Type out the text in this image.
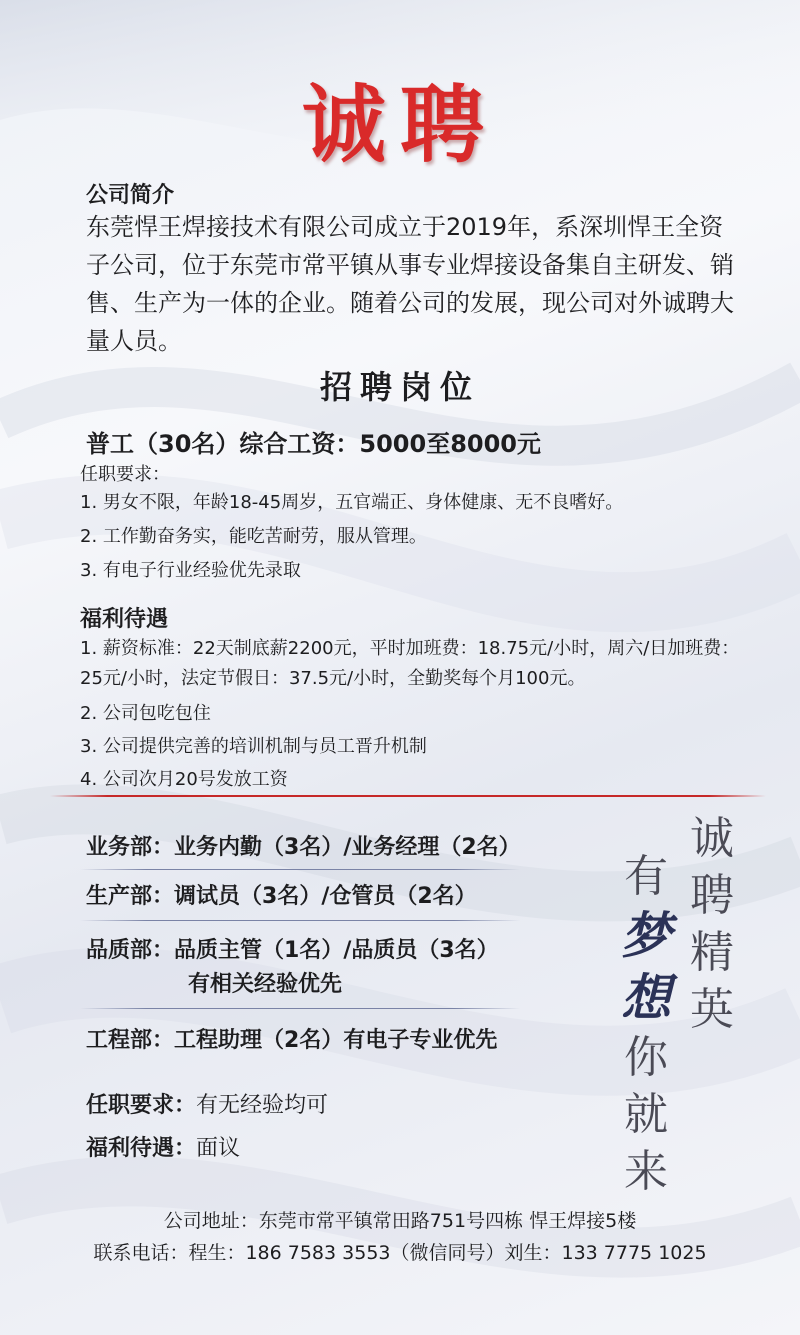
诚聘
公司简介
东莞悍王焊接技术有限公司成立于2019年，系深圳悍王全资子公司，位于东莞市常平镇从事专业焊接设备集自主研发、销售、生产为一体的企业。随着公司的发展，现公司对外诚聘大量人员。
招聘岗位
普工（30名）综合工资：5000至8000元
任职要求：
1. 男女不限，年龄18-45周岁，五官端正、身体健康、无不良嗜好。
2. 工作勤奋务实，能吃苦耐劳，服从管理。
3. 有电子行业经验优先录取
福利待遇
1. 薪资标准：22天制底薪2200元，平时加班费：18.75元/小时，周六/日加班费：25元/小时，法定节假日：37.5元/小时，全勤奖每个月100元。
2. 公司包吃包住
3. 公司提供完善的培训机制与员工晋升机制
4. 公司次月20号发放工资
业务部：业务内勤（3名）/业务经理（2名）
生产部：调试员（3名）/仓管员（2名）
品质部：品质主管（1名）/品质员（3名）
有相关经验优先
工程部：工程助理（2名）有电子专业优先
任职要求：有无经验均可
福利待遇：面议
诚
聘
精
英
有
梦
想
你
就
来
公司地址：东莞市常平镇常田路751号四栋 悍王焊接5楼
联系电话：程生：186 7583 3553（微信同号）刘生：133 7775 1025
